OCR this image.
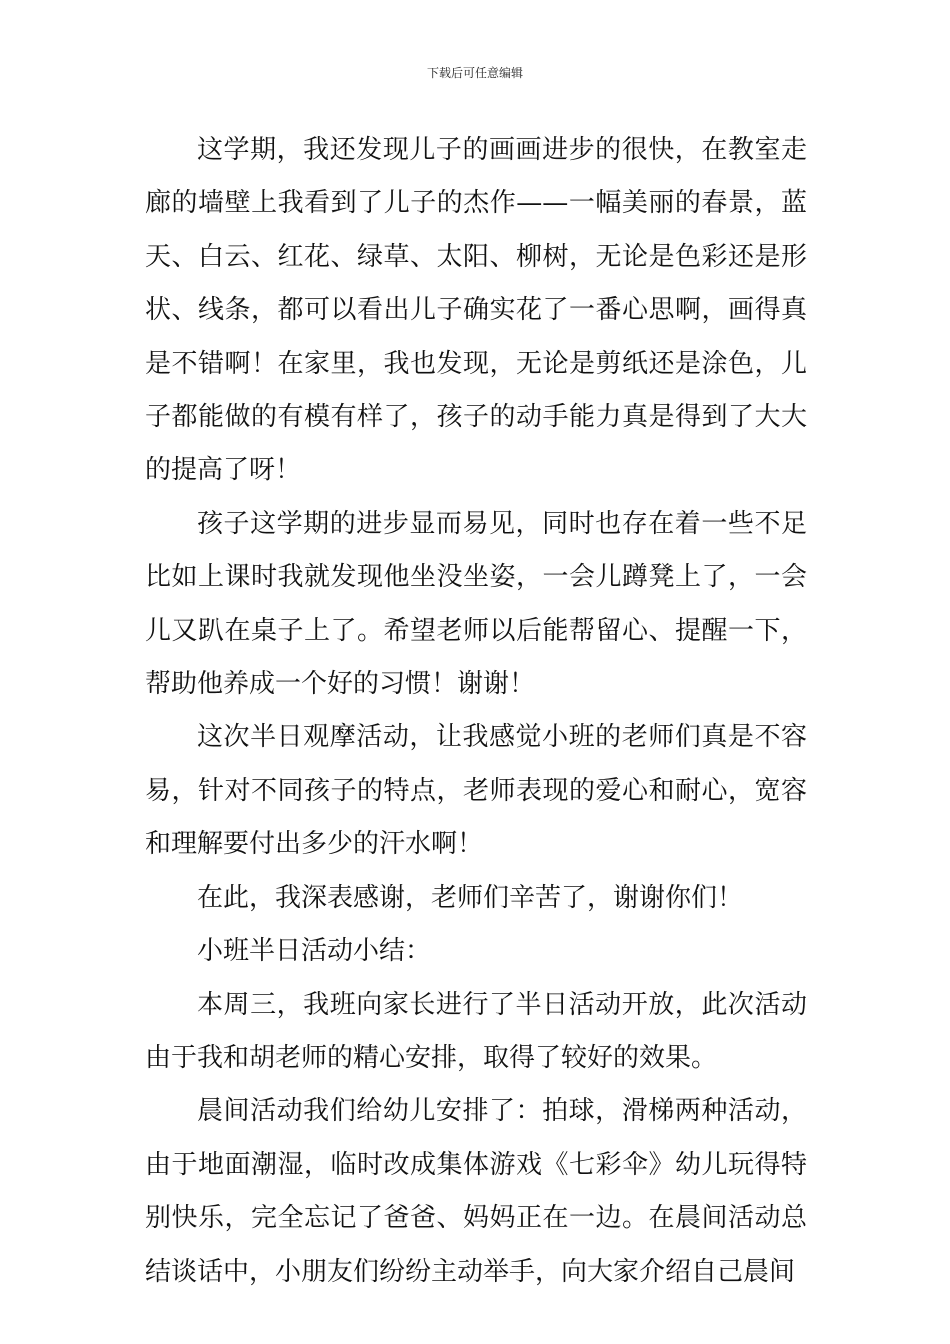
下载后可任意编辑

这学期，我还发现儿子的画画进步的很快，在教室走廊的墙壁上我看到了儿子的杰作——一幅美丽的春景，蓝天、白云、红花、绿草、太阳、柳树，无论是色彩还是形状、线条，都可以看出儿子确实花了一番心思啊，画得真是不错啊！在家里，我也发现，无论是剪纸还是涂色，儿子都能做的有模有样了，孩子的动手能力真是得到了大大的提高了呀！

孩子这学期的进步显而易见，同时也存在着一些不足比如上课时我就发现他坐没坐姿，一会儿蹲凳上了，一会儿又趴在桌子上了。希望老师以后能帮留心、提醒一下，帮助他养成一个好的习惯！谢谢！

这次半日观摩活动，让我感觉小班的老师们真是不容易，针对不同孩子的特点，老师表现的爱心和耐心，宽容和理解要付出多少的汗水啊！

在此，我深表感谢，老师们辛苦了，谢谢你们！

小班半日活动小结：

本周三，我班向家长进行了半日活动开放，此次活动由于我和胡老师的精心安排，取得了较好的效果。

晨间活动我们给幼儿安排了：拍球，滑梯两种活动，由于地面潮湿，临时改成集体游戏《七彩伞》幼儿玩得特别快乐，完全忘记了爸爸、妈妈正在一边。在晨间活动总结谈话中，小朋友们纷纷主动举手，向大家介绍自己晨间
